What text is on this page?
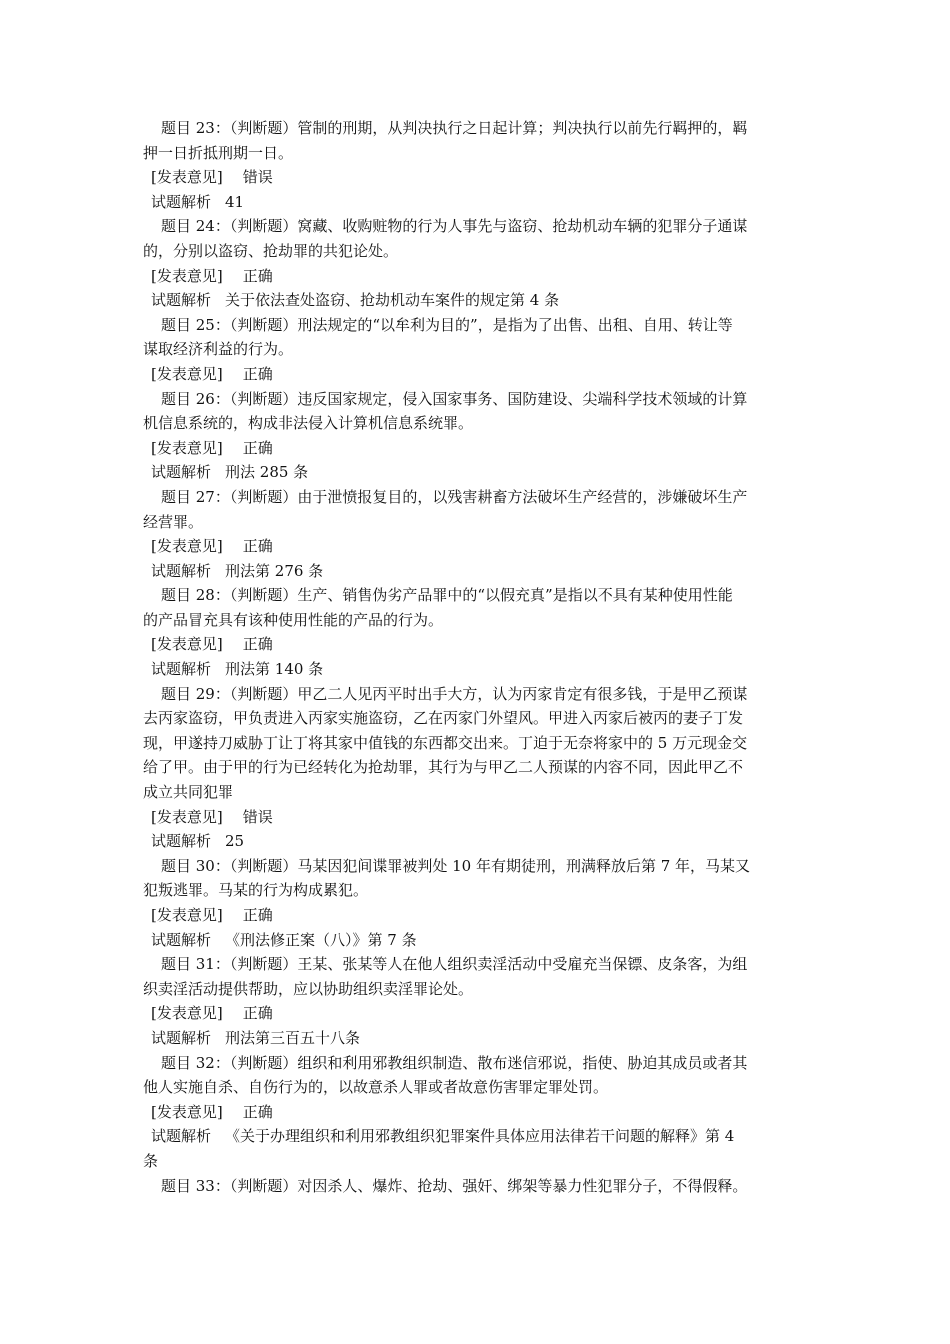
题目 23：（判断题）管制的刑期，从判决执行之日起计算；判决执行以前先行羁押的，羁

押一日折抵刑期一日。

[发表意见] 错误

试题解析 41

题目 24：（判断题）窝藏、收购赃物的行为人事先与盗窃、抢劫机动车辆的犯罪分子通谋

的，分别以盗窃、抢劫罪的共犯论处。

[发表意见] 正确

试题解析 关于依法查处盗窃、抢劫机动车案件的规定第 4 条

题目 25：（判断题）刑法规定的“以牟利为目的”，是指为了出售、出租、自用、转让等

谋取经济利益的行为。

[发表意见] 正确

题目 26：（判断题）违反国家规定，侵入国家事务、国防建设、尖端科学技术领域的计算

机信息系统的，构成非法侵入计算机信息系统罪。

[发表意见] 正确

试题解析 刑法 285 条

题目 27：（判断题）由于泄愤报复目的，以残害耕畜方法破坏生产经营的，涉嫌破坏生产

经营罪。

[发表意见] 正确

试题解析 刑法第 276 条

题目 28：（判断题）生产、销售伪劣产品罪中的“以假充真”是指以不具有某种使用性能

的产品冒充具有该种使用性能的产品的行为。

[发表意见] 正确

试题解析 刑法第 140 条

题目 29：（判断题）甲乙二人见丙平时出手大方，认为丙家肯定有很多钱，于是甲乙预谋

去丙家盗窃，甲负责进入丙家实施盗窃，乙在丙家门外望风。甲进入丙家后被丙的妻子丁发

现，甲遂持刀威胁丁让丁将其家中值钱的东西都交出来。丁迫于无奈将家中的 5 万元现金交

给了甲。由于甲的行为已经转化为抢劫罪，其行为与甲乙二人预谋的内容不同，因此甲乙不

成立共同犯罪

[发表意见] 错误

试题解析 25

题目 30：（判断题）马某因犯间谍罪被判处 10 年有期徒刑，刑满释放后第 7 年，马某又

犯叛逃罪。马某的行为构成累犯。

[发表意见] 正确

试题解析 《刑法修正案（八）》第 7 条

题目 31：（判断题）王某、张某等人在他人组织卖淫活动中受雇充当保镖、皮条客，为组

织卖淫活动提供帮助，应以协助组织卖淫罪论处。

[发表意见] 正确

试题解析 刑法第三百五十八条

题目 32：（判断题）组织和利用邪教组织制造、散布迷信邪说，指使、胁迫其成员或者其

他人实施自杀、自伤行为的，以故意杀人罪或者故意伤害罪定罪处罚。

[发表意见] 正确

试题解析 《关于办理组织和利用邪教组织犯罪案件具体应用法律若干问题的解释》第 4

条

题目 33：（判断题）对因杀人、爆炸、抢劫、强奸、绑架等暴力性犯罪分子，不得假释。
